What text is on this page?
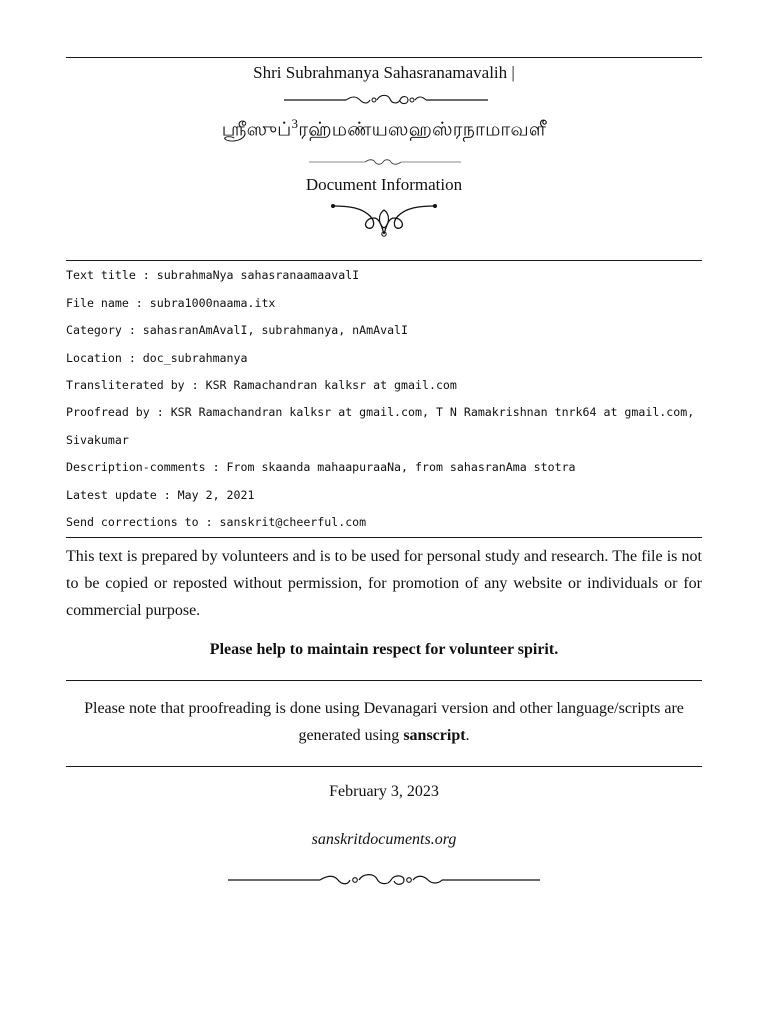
Shri Subrahmanya Sahasranamavalih |
ஸ்ரீஸுப்$^3$ரஹ்மண்யஸஹஸ்ரநாமாவளீ
Document Information
Text title : subrahmaNya sahasranaamaavalI
File name : subra1000naama.itx
Category : sahasranAmAvalI, subrahmanya, nAmAvalI
Location : doc_subrahmanya
Transliterated by : KSR Ramachandran kalksr at gmail.com
Proofread by : KSR Ramachandran kalksr at gmail.com, T N Ramakrishnan tnrk64 at gmail.com,
Sivakumar
Description-comments : From skaanda mahaapuraaNa, from sahasranAma stotra
Latest update : May 2, 2021
Send corrections to : sanskrit@cheerful.com
This text is prepared by volunteers and is to be used for personal study and research. The file is not to be copied or reposted without permission, for promotion of any website or individuals or for commercial purpose.
Please help to maintain respect for volunteer spirit.
Please note that proofreading is done using Devanagari version and other language/scripts are generated using sanscript.
February 3, 2023
sanskritdocuments.org
